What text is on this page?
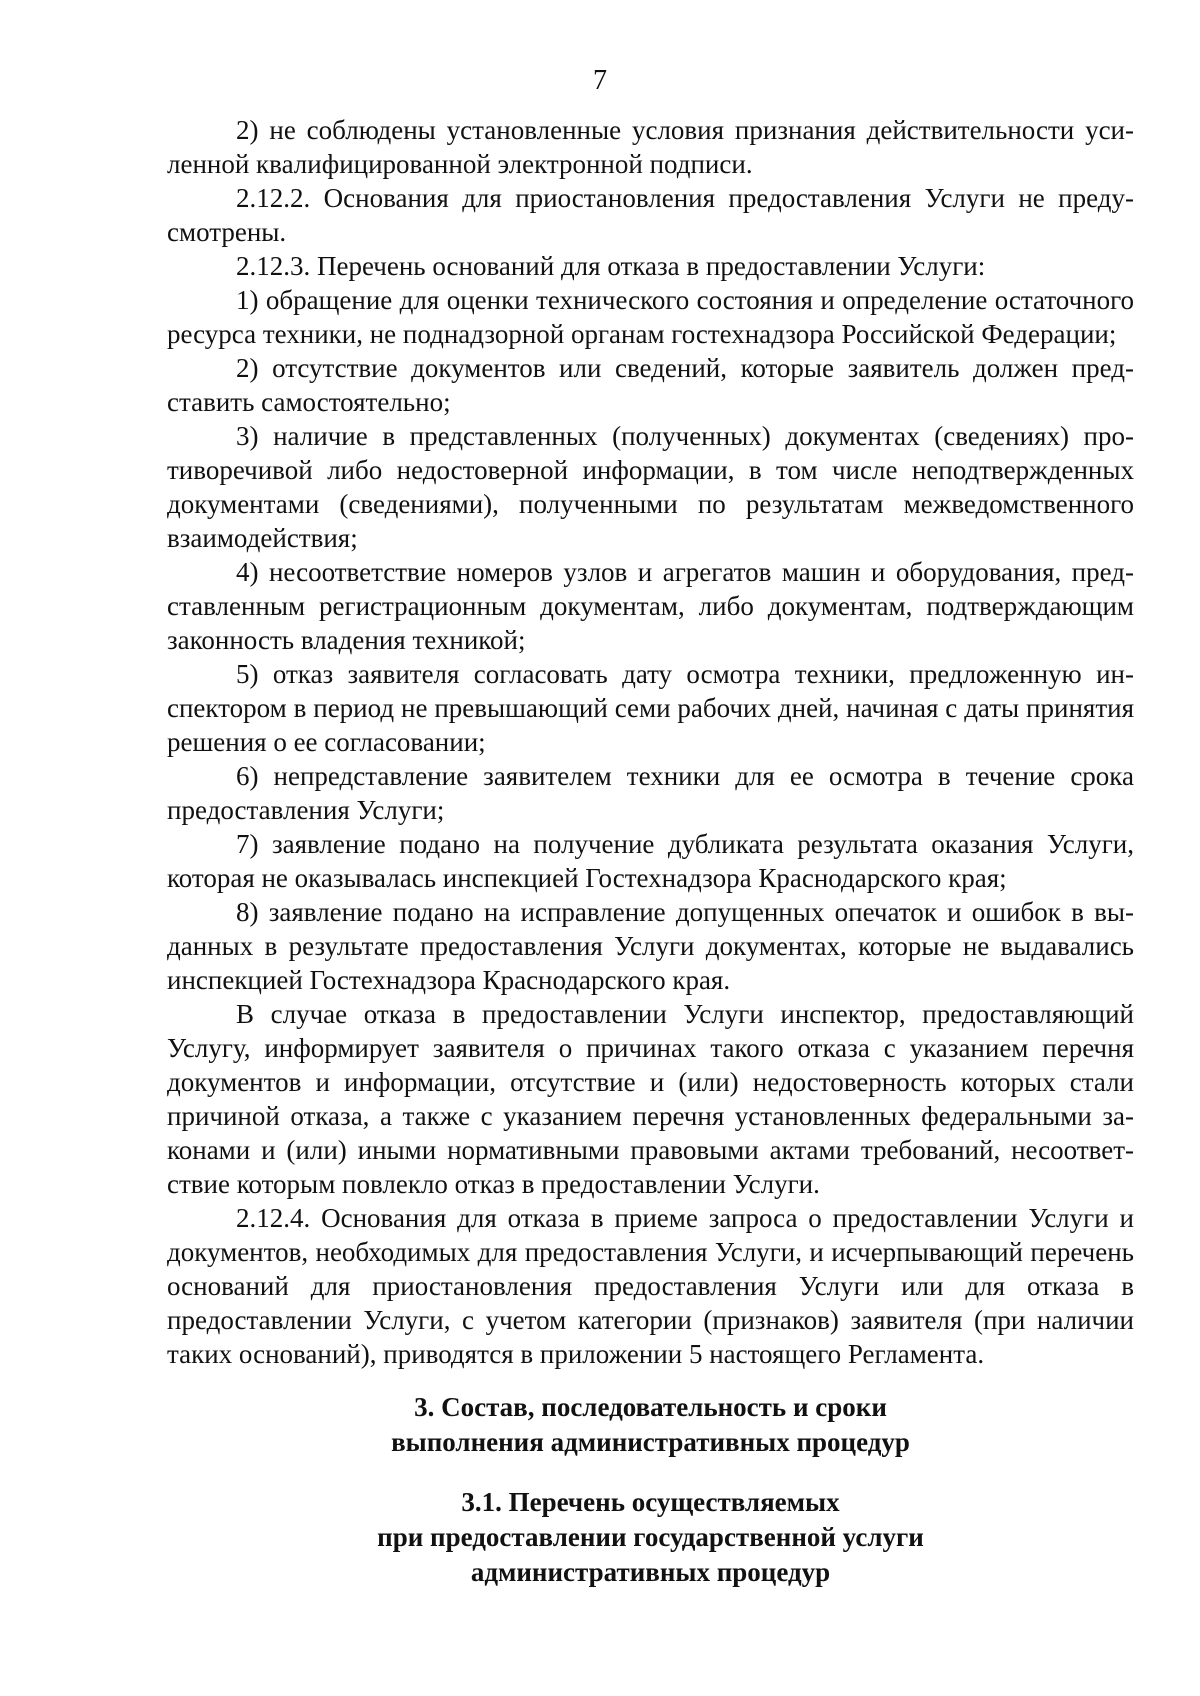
7

2) не соблюдены установленные условия признания действительности усиленной квалифицированной электронной подписи.

2.12.2. Основания для приостановления предоставления Услуги не предусмотрены.

2.12.3. Перечень оснований для отказа в предоставлении Услуги:

1) обращение для оценки технического состояния и определение остаточного ресурса техники, не поднадзорной органам гостехнадзора Российской Федерации;

2) отсутствие документов или сведений, которые заявитель должен представить самостоятельно;

3) наличие в представленных (полученных) документах (сведениях) противоречивой либо недостоверной информации, в том числе неподтвержденных документами (сведениями), полученными по результатам межведомственного взаимодействия;

4) несоответствие номеров узлов и агрегатов машин и оборудования, представленным регистрационным документам, либо документам, подтверждающим законность владения техникой;

5) отказ заявителя согласовать дату осмотра техники, предложенную инспектором в период не превышающий семи рабочих дней, начиная с даты принятия решения о ее согласовании;

6) непредставление заявителем техники для ее осмотра в течение срока предоставления Услуги;

7) заявление подано на получение дубликата результата оказания Услуги, которая не оказывалась инспекцией Гостехнадзора Краснодарского края;

8) заявление подано на исправление допущенных опечаток и ошибок в выданных в результате предоставления Услуги документах, которые не выдавались инспекцией Гостехнадзора Краснодарского края.

В случае отказа в предоставлении Услуги инспектор, предоставляющий Услугу, информирует заявителя о причинах такого отказа с указанием перечня документов и информации, отсутствие и (или) недостоверность которых стали причиной отказа, а также с указанием перечня установленных федеральными законами и (или) иными нормативными правовыми актами требований, несоответствие которым повлекло отказ в предоставлении Услуги.

2.12.4. Основания для отказа в приеме запроса о предоставлении Услуги и документов, необходимых для предоставления Услуги, и исчерпывающий перечень оснований для приостановления предоставления Услуги или для отказа в предоставлении Услуги, с учетом категории (признаков) заявителя (при наличии таких оснований), приводятся в приложении 5 настоящего Регламента.

3. Состав, последовательность и сроки
выполнения административных процедур
3.1. Перечень осуществляемых
при предоставлении государственной услуги
административных процедур
